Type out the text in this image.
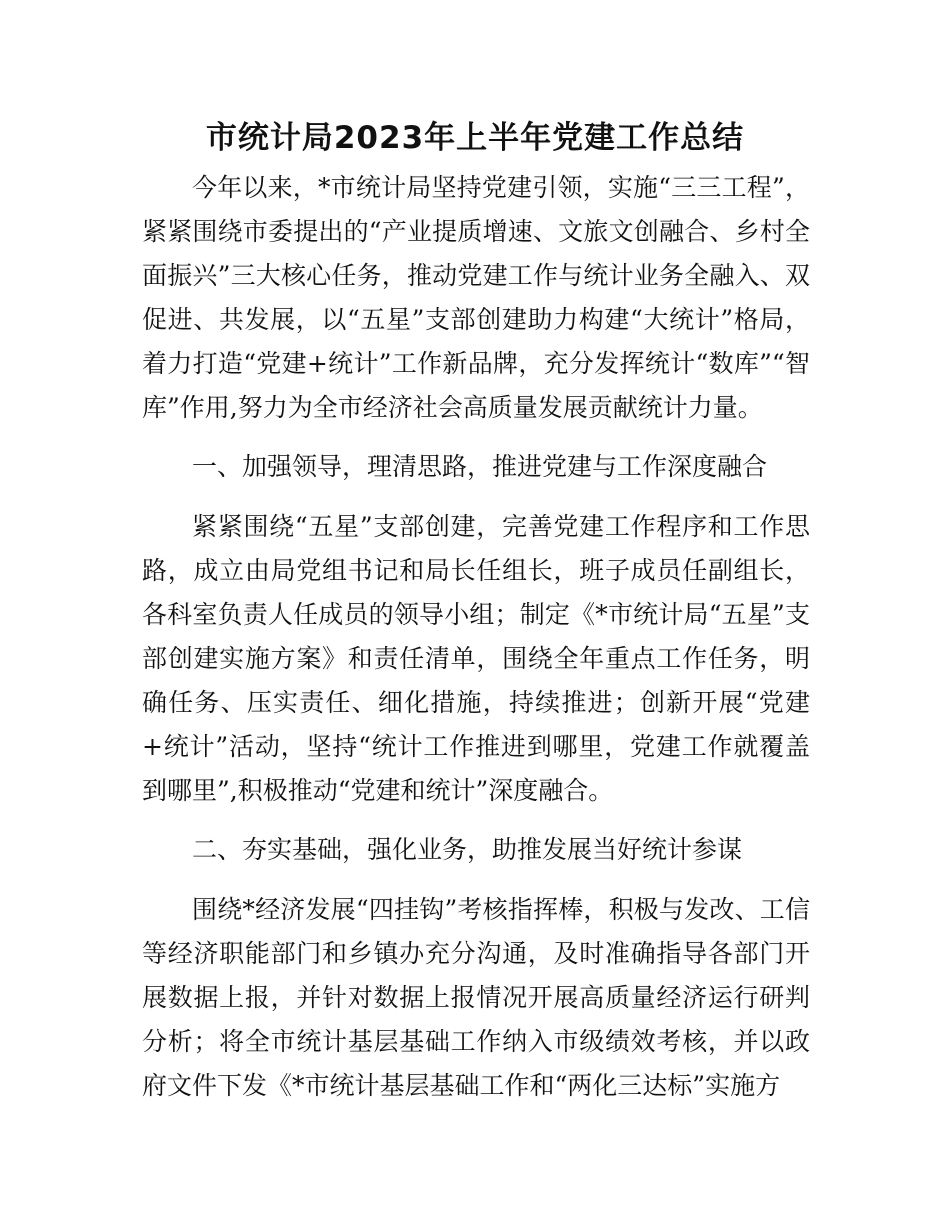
市统计局2023年上半年党建工作总结

今年以来，*市统计局坚持党建引领，实施“三三工程”，紧紧围绕市委提出的“产业提质增速、文旅文创融合、乡村全面振兴”三大核心任务，推动党建工作与统计业务全融入、双促进、共发展，以“五星”支部创建助力构建“大统计”格局，着力打造“党建+统计”工作新品牌，充分发挥统计“数库”“智库”作用,努力为全市经济社会高质量发展贡献统计力量。

一、加强领导，理清思路，推进党建与工作深度融合

紧紧围绕“五星”支部创建，完善党建工作程序和工作思路，成立由局党组书记和局长任组长，班子成员任副组长，各科室负责人任成员的领导小组；制定《*市统计局“五星”支部创建实施方案》和责任清单，围绕全年重点工作任务，明确任务、压实责任、细化措施，持续推进；创新开展“党建+统计”活动，坚持“统计工作推进到哪里，党建工作就覆盖到哪里”,积极推动“党建和统计”深度融合。

二、夯实基础，强化业务，助推发展当好统计参谋

围绕*经济发展“四挂钩”考核指挥棒，积极与发改、工信等经济职能部门和乡镇办充分沟通，及时准确指导各部门开展数据上报，并针对数据上报情况开展高质量经济运行研判分析；将全市统计基层基础工作纳入市级绩效考核，并以政府文件下发《*市统计基层基础工作和“两化三达标”实施方
